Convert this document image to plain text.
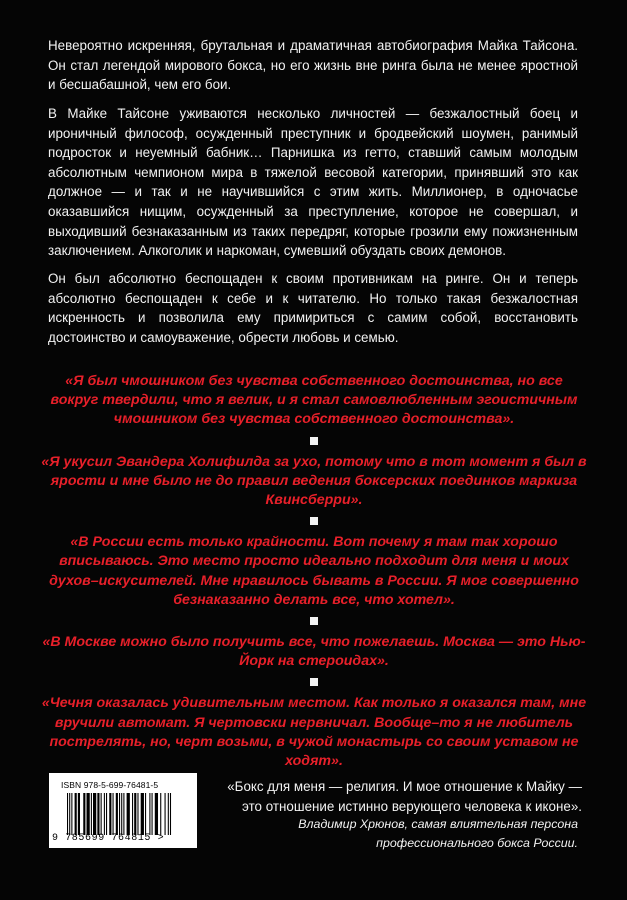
Невероятно искренняя, брутальная и драматичная автобиография Майка Тайсона. Он стал легендой мирового бокса, но его жизнь вне ринга была не менее яростной и бесшабашной, чем его бои.

В Майке Тайсоне уживаются несколько личностей — безжалостный боец и ироничный философ, осужденный преступник и бродвейский шоумен, ранимый подросток и неуемный бабник… Парнишка из гетто, ставший самым молодым абсолютным чемпионом мира в тяжелой весовой категории, принявший это как должное — и так и не научившийся с этим жить. Миллионер, в одночасье оказавшийся нищим, осужденный за преступление, которое не совершал, и выходивший безнаказанным из таких передряг, которые грозили ему пожизненным заключением. Алкоголик и наркоман, сумевший обуздать своих демонов.

Он был абсолютно беспощаден к своим противникам на ринге. Он и теперь абсолютно беспощаден к себе и к читателю. Но только такая безжалостная искренность и позволила ему примириться с самим собой, восстановить достоинство и самоуважение, обрести любовь и семью.

«Я был чмошником без чувства собственного достоинства, но все вокруг твердили, что я велик, и я стал самовлюбленным эгоистичным чмошником без чувства собственного достоинства».

«Я укусил Эвандера Холифилда за ухо, потому что в тот момент я был в ярости и мне было не до правил ведения боксерских поединков маркиза Квинсберри».

«В России есть только крайности. Вот почему я там так хорошо вписываюсь. Это место просто идеально подходит для меня и моих духов–искусителей. Мне нравилось бывать в России. Я мог совершенно безнаказанно делать все, что хотел».

«В Москве можно было получить все, что пожелаешь. Москва — это Нью-Йорк на стероидах».

«Чечня оказалась удивительным местом. Как только я оказался там, мне вручили автомат. Я чертовски нервничал. Вообще–то я не любитель пострелять, но, черт возьми, в чужой монастырь со своим уставом не ходят».

ISBN 978-5-699-76481-5
9 785699 764815 >

«Бокс для меня — религия. И мое отношение к Майку — это отношение истинно верующего человека к иконе».

Владимир Хрюнов, самая влиятельная персона профессионального бокса России.
